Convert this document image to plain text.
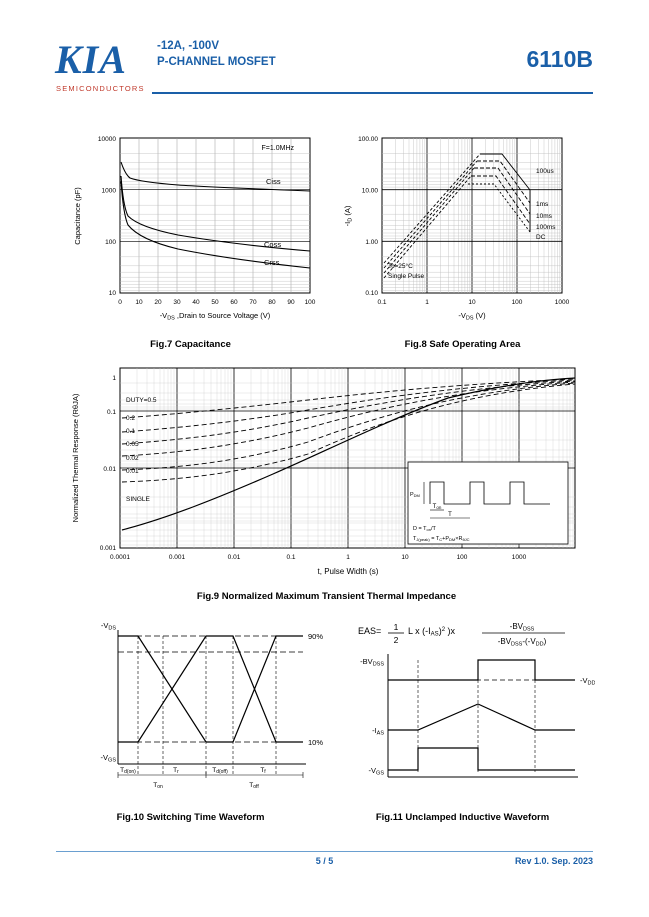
KIA
SEMICONDUCTORS
-12A, -100V
P-CHANNEL MOSFET	6110B
F=1.0MHz
Ciss
Coss
Crss
10000
1000
100
10
0 10 20 30 40 50 60 70 80 90 100
$-V_{DS}$ ,Drain to Source Voltage (V)
Capacitance (pF)
Fig.7 Capacitance
100us
1ms
10ms
100ms
DC
Tc=25°C
Single Pulse
100.00
10.00
1.00
0.10
0.1	1	10	100	1000
$-V_{DS}$ (V)
$-I_D$ (A)
Fig.8 Safe Operating Area
DUTY=0.5
0.2
0.1
0.05
0.02
0.01
SINGLE
PDM
Ton
T
D = Ton/T
TJ(peak) = TC+PDM×RθJC
0.1
0.01
0.001
1
0.0001	0.001	0.01	0.1	1	10	100	1000
t, Pulse Width (s)
Normalized Thermal Response (RθJA)
Fig.9 Normalized Maximum Transient Thermal Impedance
$-V_{DS}$
$-V_{GS}$
90%
10%
Td(on)	Tr	Td(off)	Tf
Ton	Toff
Fig.10 Switching Time Waveform
EAS= 1
2
L x $(-IAS)^2$ )x	-BVDSS
-BVDSS-(-VDD)
$-BV_{DSS}$
$-I_{AS}$
$-V_{GS}$
$-V_{DD}$
Fig.11 Unclamped Inductive Waveform
5 / 5	Rev 1.0. Sep. 2023
